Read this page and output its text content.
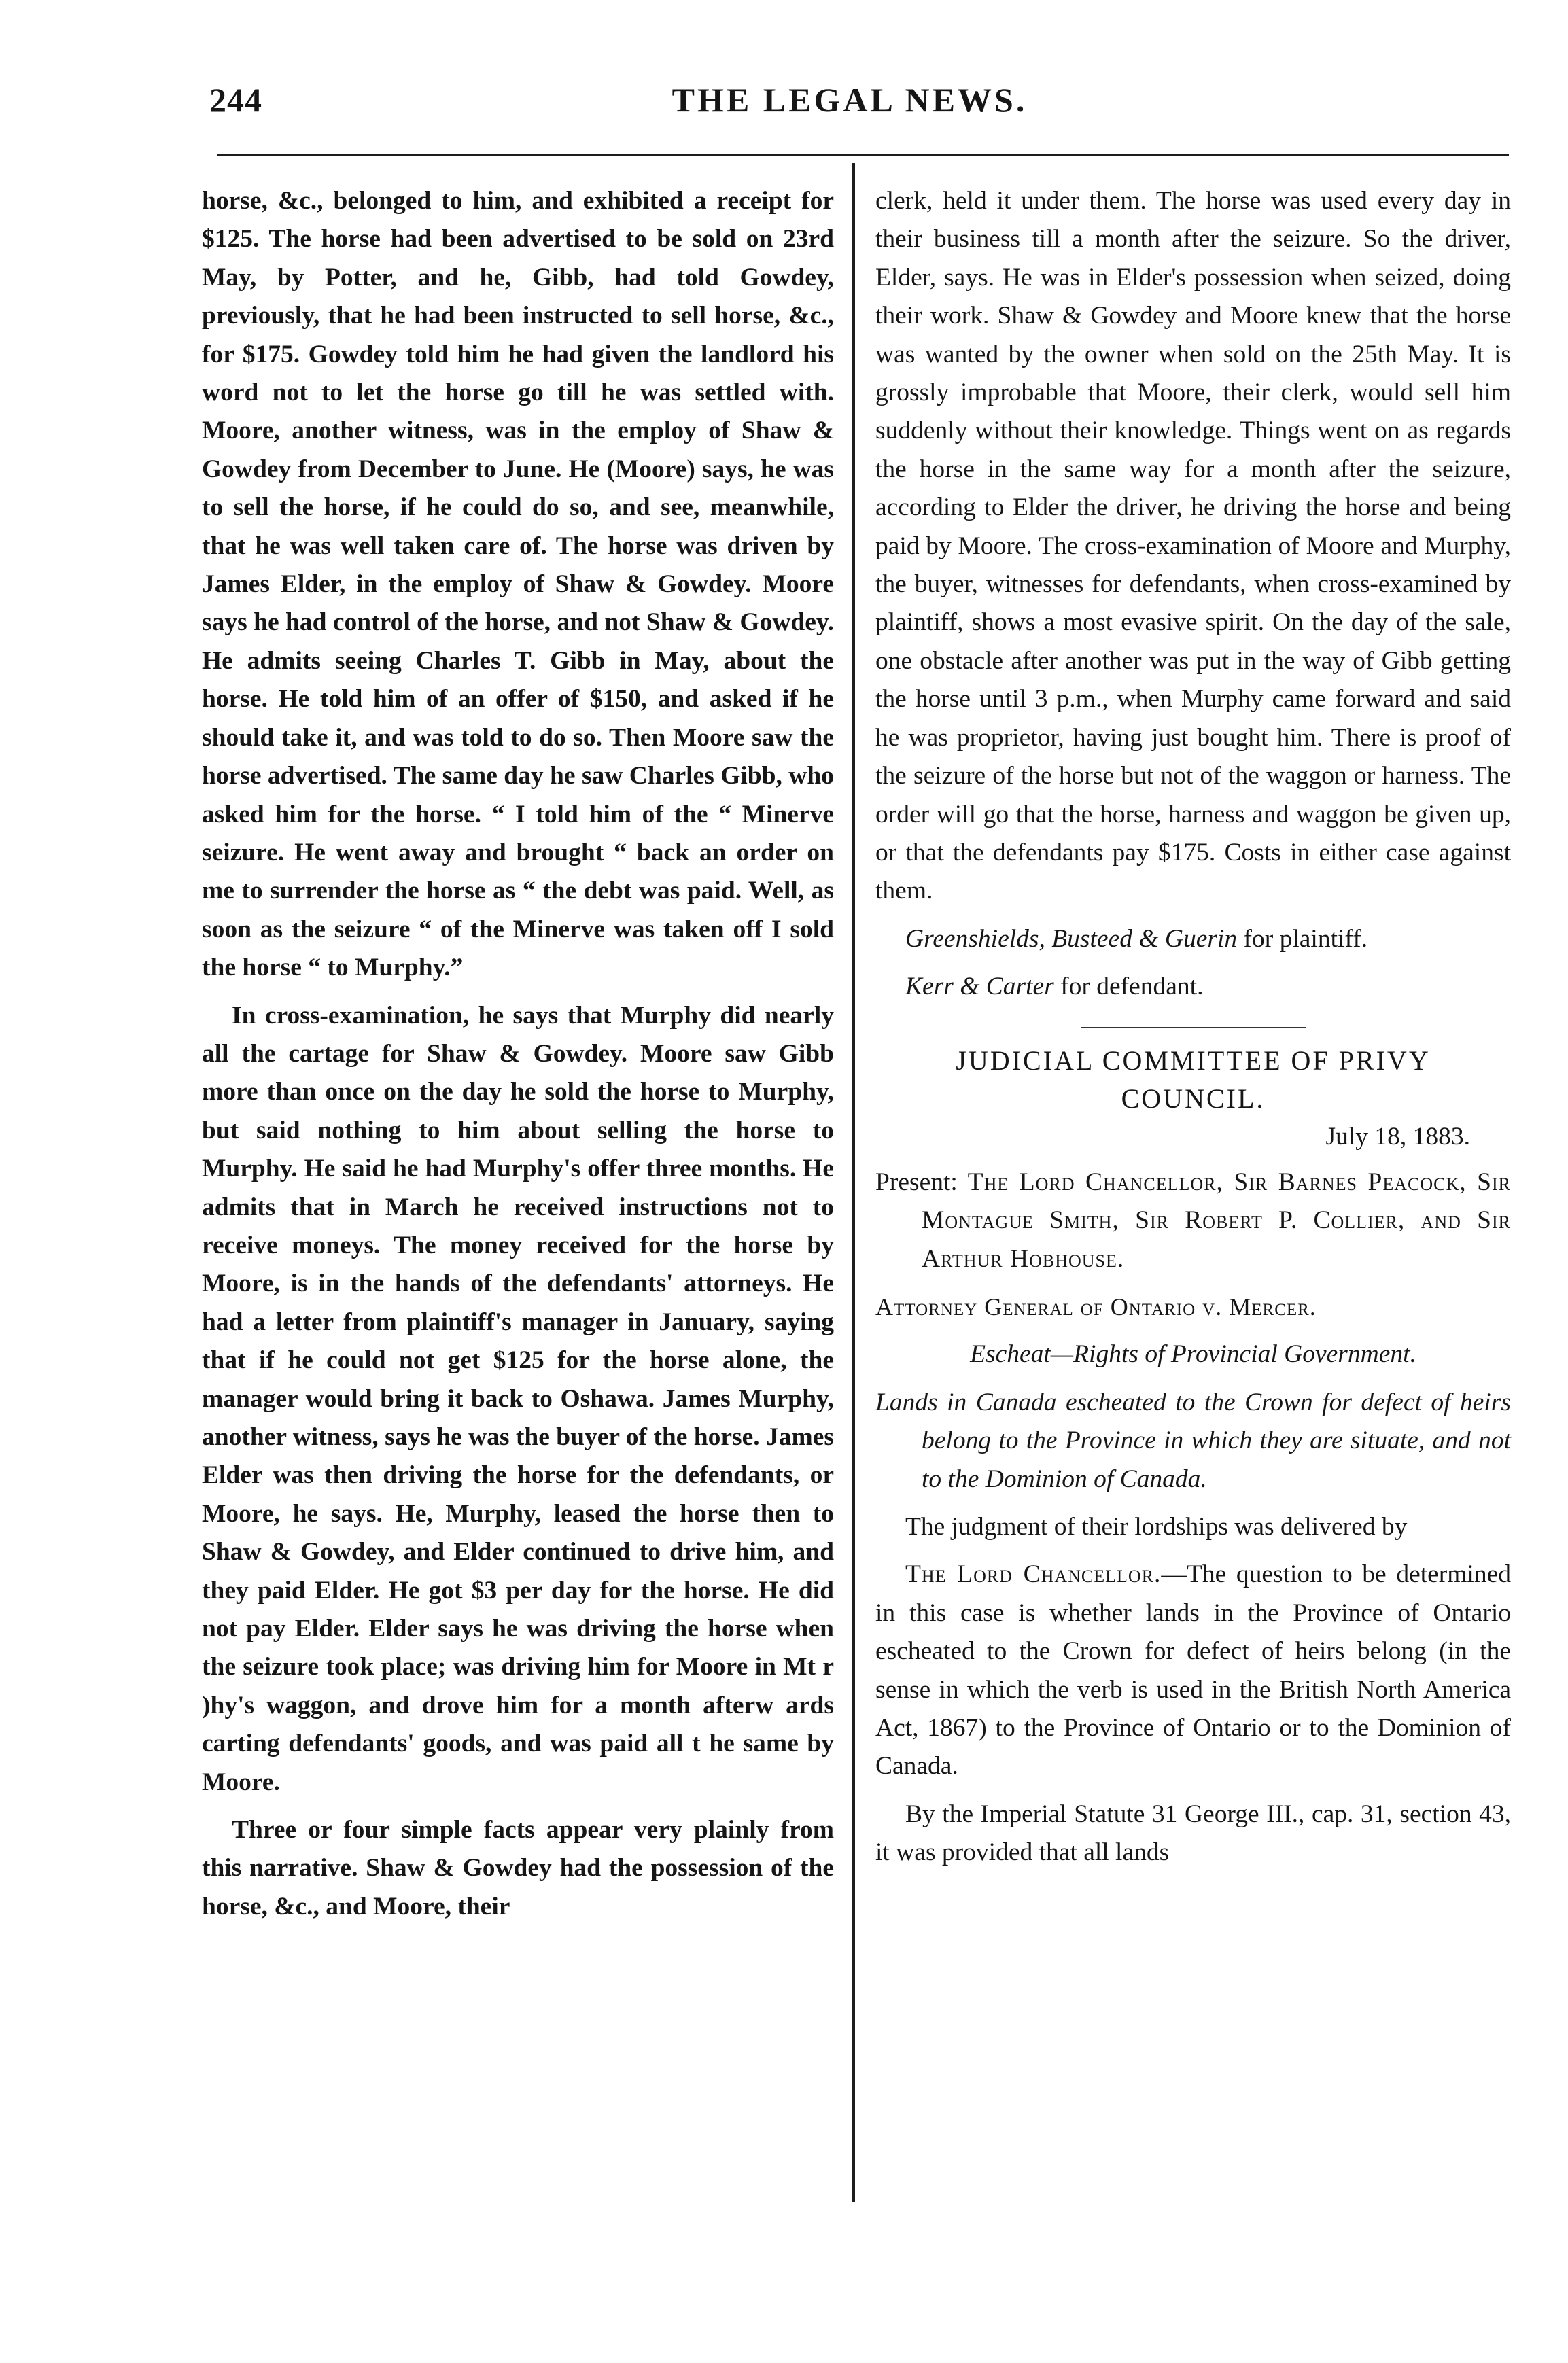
244	THE LEGAL NEWS.

horse, &c., belonged to him, and exhibited a receipt for $125. The horse had been advertised to be sold on 23rd May, by Potter, and he, Gibb, had told Gowdey, previously, that he had been instructed to sell horse, &c., for $175. Gowdey told him he had given the landlord his word not to let the horse go till he was settled with. Moore, another witness, was in the employ of Shaw & Gowdey from December to June. He (Moore) says, he was to sell the horse, if he could do so, and see, meanwhile, that he was well taken care of. The horse was driven by James Elder, in the employ of Shaw & Gowdey. Moore says he had control of the horse, and not Shaw & Gowdey. He admits seeing Charles T. Gibb in May, about the horse. He told him of an offer of $150, and asked if he should take it, and was told to do so. Then Moore saw the horse advertised. The same day he saw Charles Gibb, who asked him for the horse. “ I told him of the “ Minerve seizure. He went away and brought “ back an order on me to surrender the horse as “ the debt was paid. Well, as soon as the seizure “ of the Minerve was taken off I sold the horse “ to Murphy.”

In cross-examination, he says that Murphy did nearly all the cartage for Shaw & Gowdey. Moore saw Gibb more than once on the day he sold the horse to Murphy, but said nothing to him about selling the horse to Murphy. He said he had Murphy's offer three months. He admits that in March he received instructions not to receive moneys. The money received for the horse by Moore, is in the hands of the defendants' attorneys. He had a letter from plaintiff's manager in January, saying that if he could not get $125 for the horse alone, the manager would bring it back to Oshawa. James Murphy, another witness, says he was the buyer of the horse. James Elder was then driving the horse for the defendants, or Moore, he says. He, Murphy, leased the horse then to Shaw & Gowdey, and Elder continued to drive him, and they paid Elder. He got $3 per day for the horse. He did not pay Elder. Elder says he was driving the horse when the seizure took place; was driving him for Moore in Mt r )hy's waggon, and drove him for a month afterw ards carting defendants' goods, and was paid all t he same by Moore.

Three or four simple facts appear very plainly from this narrative. Shaw & Gowdey had the possession of the horse, &c., and Moore, their

clerk, held it under them. The horse was used every day in their business till a month after the seizure. So the driver, Elder, says. He was in Elder's possession when seized, doing their work. Shaw & Gowdey and Moore knew that the horse was wanted by the owner when sold on the 25th May. It is grossly improbable that Moore, their clerk, would sell him suddenly without their knowledge. Things went on as regards the horse in the same way for a month after the seizure, according to Elder the driver, he driving the horse and being paid by Moore. The cross-examination of Moore and Murphy, the buyer, witnesses for defendants, when cross-examined by plaintiff, shows a most evasive spirit. On the day of the sale, one obstacle after another was put in the way of Gibb getting the horse until 3 p.m., when Murphy came forward and said he was proprietor, having just bought him. There is proof of the seizure of the horse but not of the waggon or harness. The order will go that the horse, harness and waggon be given up, or that the defendants pay $175. Costs in either case against them.

Greenshields, Busteed & Guerin for plaintiff.

Kerr & Carter for defendant.

JUDICIAL COMMITTEE OF PRIVY

COUNCIL.

July 18, 1883.

Present: The Lord Chancellor, Sir Barnes Peacock, Sir Montague Smith, Sir Robert P. Collier, and Sir Arthur Hobhouse.

Attorney General of Ontario v. Mercer.

Escheat—Rights of Provincial Government.

Lands in Canada escheated to the Crown for defect of heirs belong to the Province in which they are situate, and not to the Dominion of Canada.

The judgment of their lordships was delivered by

The Lord Chancellor.—The question to be determined in this case is whether lands in the Province of Ontario escheated to the Crown for defect of heirs belong (in the sense in which the verb is used in the British North America Act, 1867) to the Province of Ontario or to the Dominion of Canada.

By the Imperial Statute 31 George III., cap. 31, section 43, it was provided that all lands
